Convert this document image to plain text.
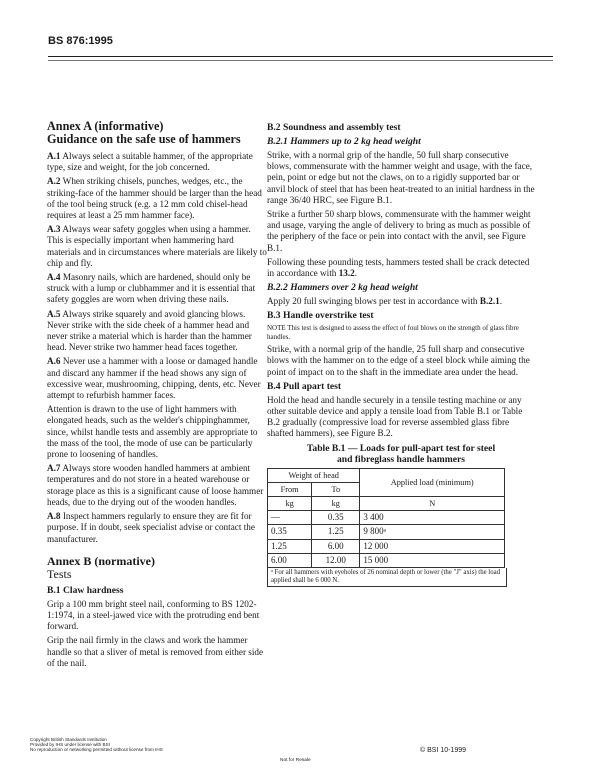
BS 876:1995
Annex A (informative)
Guidance on the safe use of hammers

A.1 Always select a suitable hammer, of the appropriate type, size and weight, for the job concerned.

A.2 When striking chisels, punches, wedges, etc., the striking-face of the hammer should be larger than the head of the tool being struck (e.g. a 12 mm cold chisel-head requires at least a 25 mm hammer face).

A.3 Always wear safety goggles when using a hammer. This is especially important when hammering hard materials and in circumstances where materials are likely to chip and fly.

A.4 Masonry nails, which are hardened, should only be struck with a lump or clubhammer and it is essential that safety goggles are worn when driving these nails.

A.5 Always strike squarely and avoid glancing blows. Never strike with the side cheek of a hammer head and never strike a material which is harder than the hammer head. Never strike two hammer head faces together.

A.6 Never use a hammer with a loose or damaged handle and discard any hammer if the head shows any sign of excessive wear, mushrooming, chipping, dents, etc. Never attempt to refurbish hammer faces.

Attention is drawn to the use of light hammers with elongated heads, such as the welder's chippinghammer, since, whilst handle tests and assembly are appropriate to the mass of the tool, the mode of use can be particularly prone to loosening of handles.

A.7 Always store wooden handled hammers at ambient temperatures and do not store in a heated warehouse or storage place as this is a significant cause of loose hammer heads, due to the drying out of the wooden handles.

A.8 Inspect hammers regularly to ensure they are fit for purpose. If in doubt, seek specialist advise or contact the manufacturer.

Annex B (normative)
Tests
B.1 Claw hardness

Grip a 100 mm bright steel nail, conforming to BS 1202-1:1974, in a steel-jawed vice with the protruding end bent forward.

Grip the nail firmly in the claws and work the hammer handle so that a sliver of metal is removed from either side of the nail.

B.2 Soundness and assembly test
B.2.1 Hammers up to 2 kg head weight

Strike, with a normal grip of the handle, 50 full sharp consecutive blows, commensurate with the hammer weight and usage, with the face, pein, point or edge but not the claws, on to a rigidly supported bar or anvil block of steel that has been heat-treated to an initial hardness in the range 36/40 HRC, see Figure B.1.

Strike a further 50 sharp blows, commensurate with the hammer weight and usage, varying the angle of delivery to bring as much as possible of the periphery of the face or pein into contact with the anvil, see Figure B.1.

Following these pounding tests, hammers tested shall be crack detected in accordance with 13.2.

B.2.2 Hammers over 2 kg head weight

Apply 20 full swinging blows per test in accordance with B.2.1.

B.3 Handle overstrike test

NOTE This test is designed to assess the effect of foul blows on the strength of glass fibre handles.

Strike, with a normal grip of the handle, 25 full sharp and consecutive blows with the hammer on to the edge of a steel block while aiming the point of impact on to the shaft in the immediate area under the head.

B.4 Pull apart test

Hold the head and handle securely in a tensile testing machine or any other suitable device and apply a tensile load from Table B.1 or Table B.2 gradually (compressive load for reverse assembled glass fibre shafted hammers), see Figure B.2.

Table B.1 — Loads for pull-apart test for steel
and fibreglass handle hammers
Weight of head		Applied load (minimum)
From	To	
kg	kg	N
—	0.35	3 400
0.35	1.25	9 800ᵃ
1.25	6.00	12 000
6.00	12.00	15 000
ᵃ For all hammers with eyeholes of 26 nominal depth or lower (the "J" axis) the load applied shall be 6 000 N.
Copyright British Standards Institution
Provided by IHS under license with BSI
No reproduction or networking permitted without license from IHS	© BSI 10-1999
Not for Resale
